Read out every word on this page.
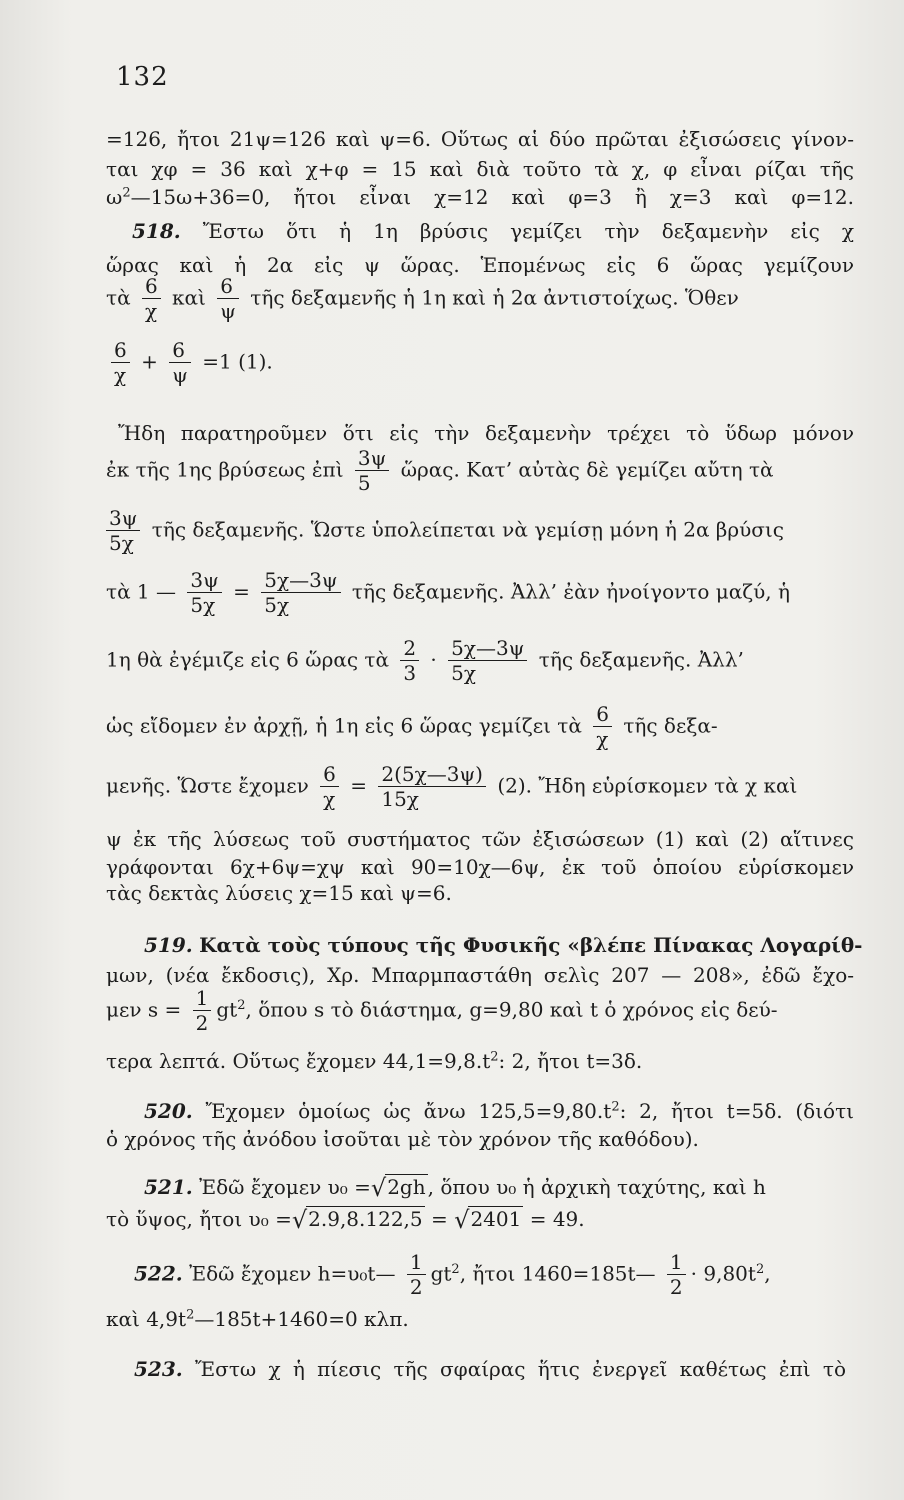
132
=126, ἤτοι 21ψ=126 καὶ ψ=6. Οὕτως αἱ δύο πρῶται ἐξισώσεις γίνον-
ται χφ = 36 καὶ χ+φ = 15 καὶ διὰ τοῦτο τὰ χ, φ εἶναι ρίζαι τῆς
$\omega^2—15\omega+36=0$, ἤτοι εἶναι χ=12 καὶ φ=3 ἢ χ=3 καὶ φ=12.
518. Ἔστω ὅτι ἡ 1η βρύσις γεμίζει τὴν δεξαμενὴν εἰς χ
ὥρας καὶ ἡ 2α εἰς ψ ὥρας. Ἑπομένως εἰς 6 ὥρας γεμίζουν
τὰ $\frac{6}{\chi}$ καὶ $\frac{6}{\psi}$ τῆς δεξαμενῆς ἡ 1η καὶ ἡ 2α ἀντιστοίχως. Ὅθεν
$\frac{6}{\chi} + \frac{6}{\psi} =1$ (1).
Ἤδη παρατηροῦμεν ὅτι εἰς τὴν δεξαμενὴν τρέχει τὸ ὕδωρ μόνον
ἐκ τῆς 1ης βρύσεως ἐπὶ $\frac{3\psi}{5}$ ὥρας. Κατ’ αὐτὰς δὲ γεμίζει αὔτη τὰ
$\frac{3\psi}{5\chi}$ τῆς δεξαμενῆς. Ὥστε ὑπολείπεται νὰ γεμίσῃ μόνη ἡ 2α βρύσις
τὰ 1 — $\frac{3\psi}{5\chi} = \frac{5\chi—3\psi}{5\chi}$ τῆς δεξαμενῆς. Ἀλλ’ ἐὰν ἠνοίγοντο μαζύ, ἡ
1η θὰ ἐγέμιζε εἰς 6 ὥρας τὰ $\frac{2}{3} \cdot \frac{5\chi—3\psi}{5\chi}$ τῆς δεξαμενῆς. Ἀλλ’
ὡς εἴδομεν ἐν ἀρχῇ, ἡ 1η εἰς 6 ὥρας γεμίζει τὰ $\frac{6}{\chi}$ τῆς δεξα-
μενῆς. Ὥστε ἔχομεν $\frac{6}{\chi} = \frac{2(5\chi—3\psi)}{15\chi} (2)$. Ἤδη εὑρίσκομεν τὰ χ καὶ
ψ ἐκ τῆς λύσεως τοῦ συστήματος τῶν ἐξισώσεων (1) καὶ (2) αἵτινες
γράφονται 6χ+6ψ=χψ καὶ 90=10χ—6ψ, ἐκ τοῦ ὁποίου εὑρίσκομεν
τὰς δεκτὰς λύσεις χ=15 καὶ ψ=6.
519. Κατὰ τοὺς τύπους τῆς Φυσικῆς «βλέπε Πίνακας Λογαρίθ-
μων, (νέα ἔκδοσις), Χρ. Μπαρμπαστάθη σελὶς 207 — 208», ἐδῶ ἔχο-
μεν $s = \frac{1}{2} gt^2$, ὅπου s τὸ διάστημα, g=9,80 καὶ t ὁ χρόνος εἰς δεύ-
τερα λεπτά. Οὕτως ἔχομεν $44,1=9,8.t^2$: 2, ἤτοι t=3δ.
520. Ἔχομεν ὁμοίως ὡς ἄνω $125,5=9,80.t^2$: 2, ἤτοι t=5δ. (διότι
ὁ χρόνος τῆς ἀνόδου ἰσοῦται μὲ τὸν χρόνον τῆς καθόδου).
521. Ἐδῶ ἔχομεν υ₀ =√2gh , ὅπου υ₀ ἡ ἀρχικὴ ταχύτης, καὶ h
τὸ ὕψος, ἤτοι υ₀ =√2.9,8.122,5 = √2401 = 49.
522. Ἐδῶ ἔχομεν h=υ₀t— $\frac{1}{2} gt^2$, ἤτοι 1460=185t— $\frac{1}{2} \cdot 9,80t^2$,
καὶ $4,9t^2—185t+1460=0$ κλπ.
523. Ἔστω χ ἡ πίεσις τῆς σφαίρας ἥτις ἐνεργεῖ καθέτως ἐπὶ τὸ
